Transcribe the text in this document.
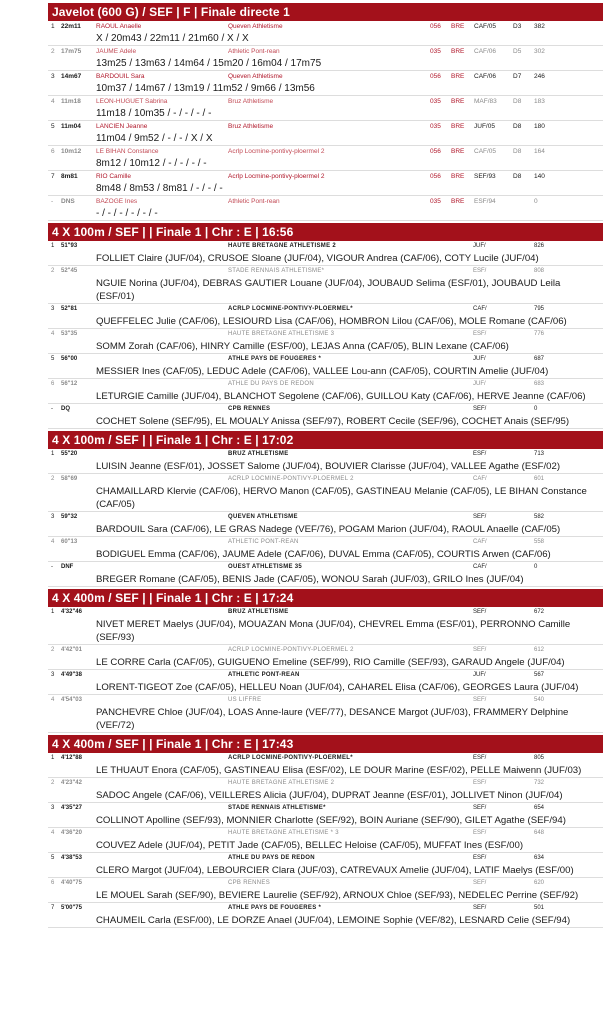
Javelot (600 G) / SEF | F | Finale directe 1
1 22m11 RAOUL Anaelle	Queven Athletisme	056 BRE CAF/05	D3 382
X / 20m43 / 22m11 / 21m60 / X / X
2 17m75 JAUME Adele	Athletic Pont-rean	035 BRE CAF/06	D5 302
13m25 / 13m63 / 14m64 / 15m20 / 16m04 / 17m75
3 14m67 BARDOUIL Sara	Queven Athletisme	056 BRE CAF/06	D7 246
10m37 / 14m67 / 13m19 / 11m52 / 9m66 / 13m56
4 11m18 LEON-HUGUET Sabrina	Bruz Athletisme	035 BRE MAF/83 D8 183
11m18 / 10m35 / - / - / - / -
5 11m04 LANCIEN Jeanne	Bruz Athletisme	035 BRE JUF/05	D8 180
11m04 / 9m52 / - / - / X / X
6 10m12 LE BIHAN Constance	Acrlp Locmine-pontivy-ploermel 2	056 BRE CAF/05	D8 164
8m12 / 10m12 / - / - / - / -
7 8m81	RIO Camille	Acrlp Locmine-pontivy-ploermel 2	056 BRE SEF/93	D8 140
8m48 / 8m53 / 8m81 / - / - / -
- DNS	BAZOGE Ines	Athletic Pont-rean	035 BRE ESF/94	0
- / - / - / - / - / -
4 X 100m / SEF | | Finale 1 | Chr : E | 16:56
1 51"93	HAUTE BRETAGNE ATHLETISME 2	JUF/	826
FOLLIET Claire (JUF/04), CRUSOE Sloane (JUF/04), VIGOUR Andrea (CAF/06), COTY Lucile (JUF/04)
2 52"45	STADE RENNAIS ATHLETISME*	ESF/	808
NGUIE Norina (JUF/04), DEBRAS GAUTIER Louane (JUF/04), JOUBAUD Selima (ESF/01), JOUBAUD Leila (ESF/01)
3 52"81	ACRLP LOCMINE-PONTIVY-PLOERMEL*	CAF/	795
QUEFFELEC Julie (CAF/06), LESIOURD Lisa (CAF/06), HOMBRON Lilou (CAF/06), MOLE Romane (CAF/06)
4 53"35	HAUTE BRETAGNE ATHLETISME 3	ESF/	776
SOMM Zorah (CAF/06), HINRY Camille (ESF/00), LEJAS Anna (CAF/05), BLIN Lexane (CAF/06)
5 56"00	ATHLE PAYS DE FOUGERES *	JUF/	687
MESSIER Ines (CAF/05), LEDUC Adele (CAF/06), VALLEE Lou-ann (CAF/05), COURTIN Amelie (JUF/04)
6 56"12	ATHLE DU PAYS DE REDON	JUF/	683
LETURGIE Camille (JUF/04), BLANCHOT Segolene (CAF/06), GUILLOU Katy (CAF/06), HERVE Jeanne (CAF/06)
- DQ	CPB RENNES	SEF/	0
COCHET Solene (SEF/95), EL MOUALY Anissa (SEF/97), ROBERT Cecile (SEF/96), COCHET Anais (SEF/95)
4 X 100m / SEF | | Finale 1 | Chr : E | 17:02
1 55"20	BRUZ ATHLETISME	ESF/	713
LUISIN Jeanne (ESF/01), JOSSET Salome (JUF/04), BOUVIER Clarisse (JUF/04), VALLEE Agathe (ESF/02)
2 58"69	ACRLP LOCMINE-PONTIVY-PLOERMEL 2	CAF/	601
CHAMAILLARD Klervie (CAF/06), HERVO Manon (CAF/05), GASTINEAU Melanie (CAF/05), LE BIHAN Constance (CAF/05)
3 59"32	QUEVEN ATHLETISME	SEF/	582
BARDOUIL Sara (CAF/06), LE GRAS Nadege (VEF/76), POGAM Marion (JUF/04), RAOUL Anaelle (CAF/05)
4 60"13	ATHLETIC PONT-REAN	CAF/	558
BODIGUEL Emma (CAF/06), JAUME Adele (CAF/06), DUVAL Emma (CAF/05), COURTIS Arwen (CAF/06)
- DNF	OUEST ATHLETISME 35	CAF/	0
BREGER Romane (CAF/05), BENIS Jade (CAF/05), WONOU Sarah (JUF/03), GRILO Ines (JUF/04)
4 X 400m / SEF | | Finale 1 | Chr : E | 17:24
1 4'32"46	BRUZ ATHLETISME	SEF/	672
NIVET MERET Maelys (JUF/04), MOUAZAN Mona (JUF/04), CHEVREL Emma (ESF/01), PERRONNO Camille (SEF/93)
2 4'42"01	ACRLP LOCMINE-PONTIVY-PLOERMEL 2	SEF/	612
LE CORRE Carla (CAF/05), GUIGUENO Emeline (SEF/99), RIO Camille (SEF/93), GARAUD Angele (JUF/04)
3 4'49"38	ATHLETIC PONT-REAN	JUF/	567
LORENT-TIGEOT Zoe (CAF/05), HELLEU Noan (JUF/04), CAHAREL Elisa (CAF/06), GEORGES Laura (JUF/04)
4 4'54"03	US LIFFRE	SEF/	540
PANCHEVRE Chloe (JUF/04), LOAS Anne-laure (VEF/77), DESANCE Margot (JUF/03), FRAMMERY Delphine (VEF/72)
4 X 400m / SEF | | Finale 1 | Chr : E | 17:43
1 4'12"88	ACRLP LOCMINE-PONTIVY-PLOERMEL*	ESF/	805
LE THUAUT Enora (CAF/05), GASTINEAU Elisa (ESF/02), LE DOUR Marine (ESF/02), PELLE Maiwenn (JUF/03)
2 4'23"42	HAUTE BRETAGNE ATHLETISME 2	ESF/	732
SADOC Angele (CAF/06), VEILLERES Alicia (JUF/04), DUPRAT Jeanne (ESF/01), JOLLIVET Ninon (JUF/04)
3 4'35"27	STADE RENNAIS ATHLETISME*	SEF/	654
COLLINOT Apolline (SEF/93), MONNIER Charlotte (SEF/92), BOIN Auriane (SEF/90), GILET Agathe (SEF/94)
4 4'36"20	HAUTE BRETAGNE ATHLETISME * 3	ESF/	648
COUVEZ Adele (JUF/04), PETIT Jade (CAF/05), BELLEC Heloise (CAF/05), MUFFAT Ines (ESF/00)
5 4'38"53	ATHLE DU PAYS DE REDON	ESF/	634
CLERO Margot (JUF/04), LEBOURCIER Clara (JUF/03), CATREVAUX Amelie (JUF/04), LATIF Maelys (ESF/00)
6 4'40"75	CPB RENNES	SEF/	620
LE MOUEL Sarah (SEF/90), BEVIERE Laurelie (SEF/92), ARNOUX Chloe (SEF/93), NEDELEC Perrine (SEF/92)
7 5'00"75	ATHLE PAYS DE FOUGERES *	SEF/	501
CHAUMEIL Carla (ESF/00), LE DORZE Anael (JUF/04), LEMOINE Sophie (VEF/82), LESNARD Celie (SEF/94)
